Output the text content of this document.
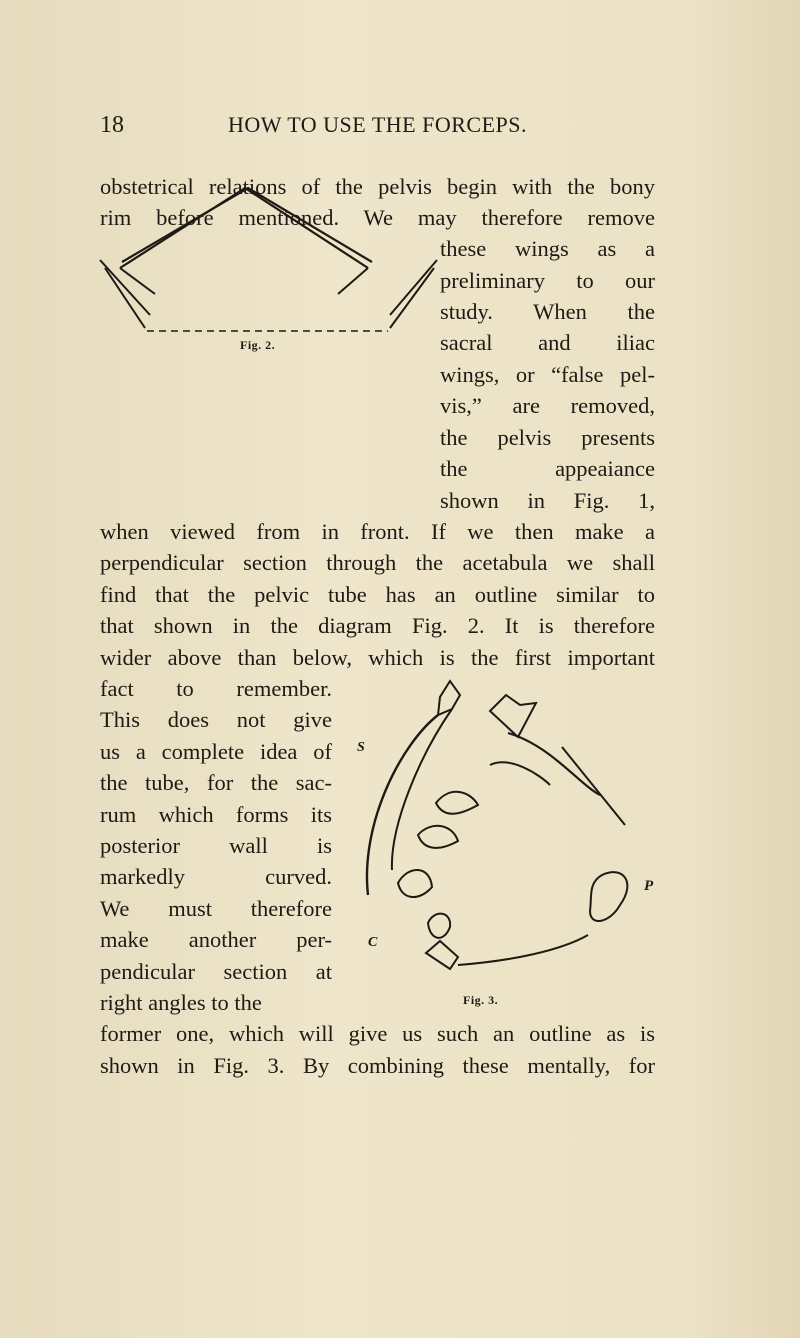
18	HOW TO USE THE FORCEPS.
obstetrical relations of the pelvis begin with the bony
rim before mentioned. We may therefore remove
these wings as a
preliminary to our
study. When the
sacral and iliac
wings, or “false pel-
vis,” are removed,
the pelvis presents
the appeaiance
shown in Fig. 1,
when viewed from in front. If we then make a
perpendicular section through the acetabula we shall
find that the pelvic tube has an outline similar to
that shown in the diagram Fig. 2. It is therefore
wider above than below, which is the first important
fact to remember.
This does not give
us a complete idea of
the tube, for the sac-
rum which forms its
posterior wall is
markedly curved.
We must therefore
make another per-
pendicular section at
right angles to the
former one, which will give us such an outline as is
shown in Fig. 3. By combining these mentally, for
Fig. 2.
S
C
P
Fig. 3.
